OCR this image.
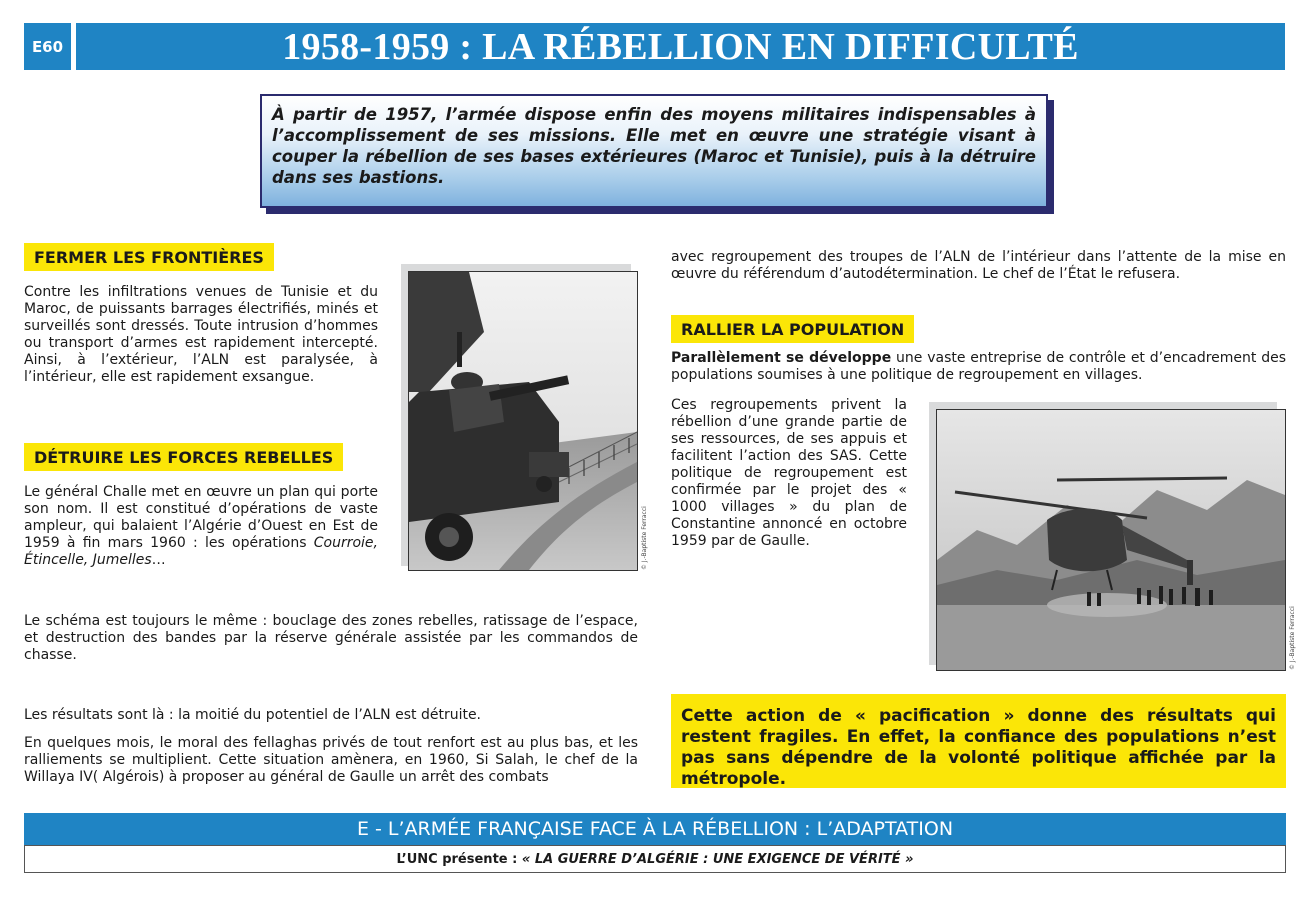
E60	1958-1959 : LA RÉBELLION EN DIFFICULTÉ
À partir de 1957, l’armée dispose enfin des moyens militaires indispensables à l’accomplissement de ses missions. Elle met en œuvre une stratégie visant à couper la rébellion de ses bases extérieures (Maroc et Tunisie), puis à la détruire dans ses bastions.
FERMER LES FRONTIÈRES
Contre les infiltrations venues de Tunisie et du Maroc, de puissants barrages électrifiés, minés et surveillés sont dressés. Toute intrusion d’hommes ou transport d’armes est rapidement intercepté. Ainsi, à l’extérieur, l’ALN est paralysée, à l’intérieur, elle est rapidement exsangue.
DÉTRUIRE LES FORCES REBELLES
Le général Challe met en œuvre un plan qui porte son nom. Il est constitué d’opérations de vaste ampleur, qui balaient l’Algérie d’Ouest en Est de 1959 à fin mars 1960 : les opérations Courroie, Étincelle, Jumelles…	© J.-Baptiste Ferracci
Le schéma est toujours le même : bouclage des zones rebelles, ratissage de l’espace, et destruction des bandes par la réserve générale assistée par les commandos de chasse.
Les résultats sont là : la moitié du potentiel de l’ALN est détruite.
En quelques mois, le moral des fellaghas privés de tout renfort est au plus bas, et les ralliements se multiplient. Cette situation amènera, en 1960, Si Salah, le chef de la Willaya IV( Algérois) à proposer au général de Gaulle un arrêt des combats
avec regroupement des troupes de l’ALN de l’intérieur dans l’attente de la mise en œuvre du référendum d’autodétermination. Le chef de l’État le refusera.
RALLIER LA POPULATION
Parallèlement se développe une vaste entreprise de contrôle et d’encadrement des populations soumises à une politique de regroupement en villages.
Ces regroupements privent la rébellion d’une grande partie de ses ressources, de ses appuis et facilitent l’action des SAS. Cette politique de regroupement est confirmée par le projet des « 1000 villages » du plan de Constantine annoncé en octobre 1959 par de Gaulle.
© J.-Baptiste Ferracci
Cette action de « pacification » donne des résultats qui restent fragiles. En effet, la confiance des populations n’est pas sans dépendre de la volonté politique affichée par la métropole.
E - L’ARMÉE FRANÇAISE FACE À LA RÉBELLION : L’ADAPTATION
L’UNC présente : « LA GUERRE D’ALGÉRIE : UNE EXIGENCE DE VÉRITÉ »
